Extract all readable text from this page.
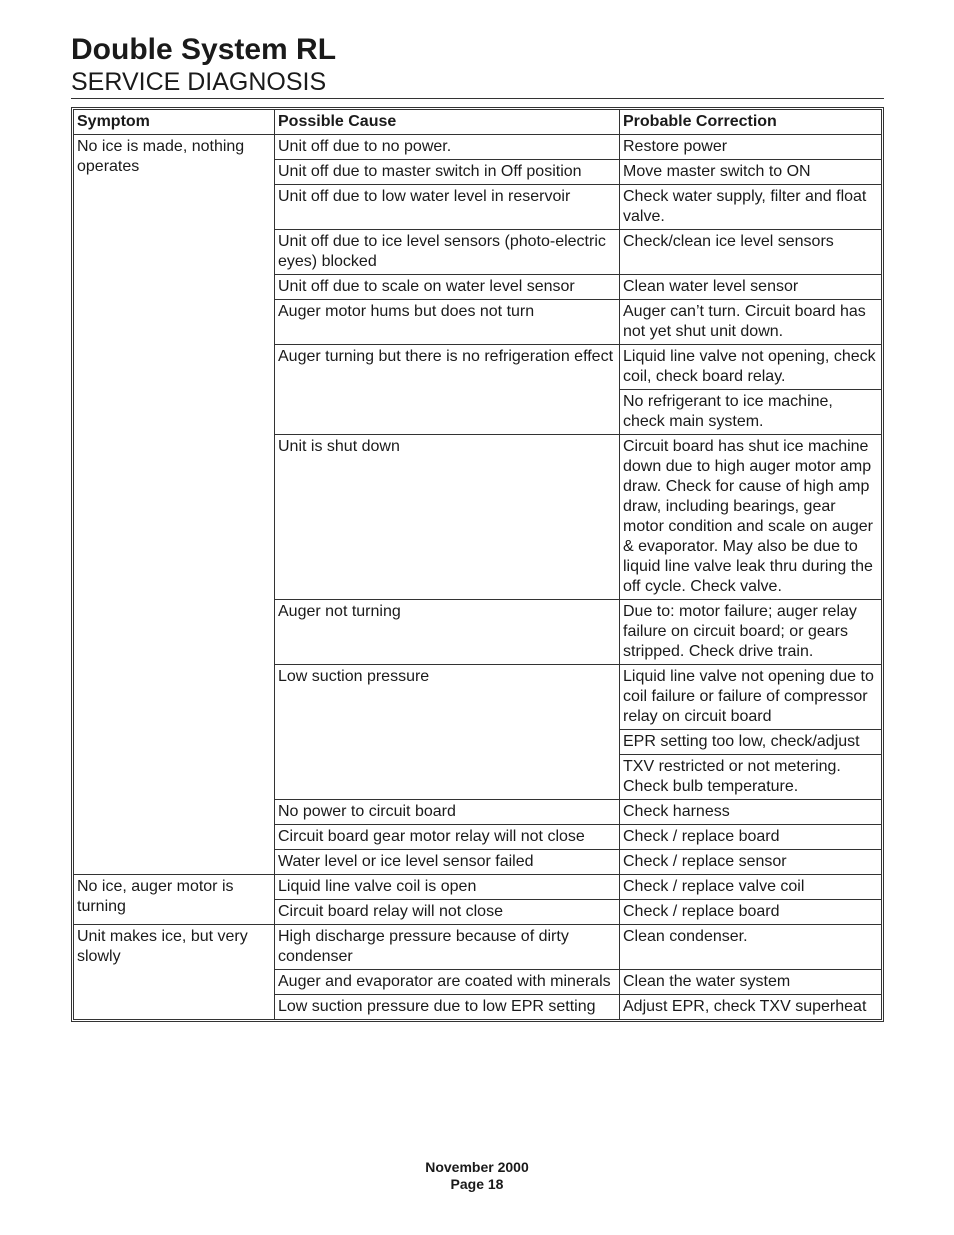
Double System RL
SERVICE DIAGNOSIS
Symptom	Possible Cause	Probable Correction
No ice is made, nothing operates	Unit off due to no power.	Restore power
	Unit off due to master switch in Off position	Move master switch to ON
	Unit off due to low water level in reservoir	Check water supply, filter and float valve.
	Unit off due to ice level sensors (photo-electric eyes) blocked	Check/clean ice level sensors
	Unit off due to scale on water level sensor	Clean water level sensor
	Auger motor hums but does not turn	Auger can’t turn. Circuit board has not yet shut unit down.
	Auger turning but there is no refrigeration effect	Liquid line valve not opening, check coil, check board relay.
		No refrigerant to ice machine, check main system.
	Unit is shut down	Circuit board has shut ice machine down due to high auger motor amp draw. Check for cause of high amp draw, including bearings, gear motor condition and scale on auger & evaporator. May also be due to liquid line valve leak thru during the off cycle. Check valve.
	Auger not turning	Due to: motor failure; auger relay failure on circuit board; or gears stripped. Check drive train.
	Low suction pressure	Liquid line valve not opening due to coil failure or failure of compressor relay on circuit board
		EPR setting too low, check/adjust
		TXV restricted or not metering. Check bulb temperature.
	No power to circuit board	Check harness
	Circuit board gear motor relay will not close	Check / replace board
	Water level or ice level sensor failed	Check / replace sensor
No ice, auger motor is turning	Liquid line valve coil is open	Check / replace valve coil
	Circuit board relay will not close	Check / replace board
Unit makes ice, but very slowly	High discharge pressure because of dirty condenser	Clean condenser.
	Auger and evaporator are coated with minerals	Clean the water system
	Low suction pressure due to low EPR setting	Adjust EPR, check TXV superheat
November 2000
Page 18
